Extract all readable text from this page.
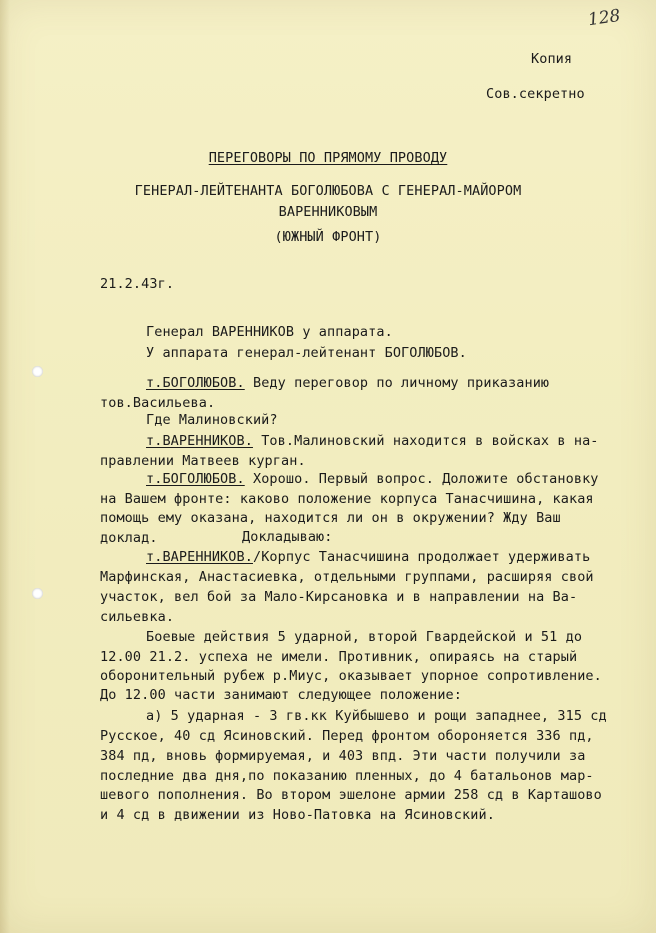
128
Копия
Сов.секретно
ПЕРЕГОВОРЫ ПО ПРЯМОМУ ПРОВОДУ
ГЕНЕРАЛ-ЛЕЙТЕНАНТА БОГОЛЮБОВА С ГЕНЕРАЛ-МАЙОРОМ
ВАРЕННИКОВЫМ
(ЮЖНЫЙ ФРОНТ)
21.2.43г.
Генерал ВАРЕННИКОВ у аппарата.
У аппарата генерал-лейтенант БОГОЛЮБОВ.
т.БОГОЛЮБОВ. Веду переговор по личному приказанию
тов.Васильева.
Где Малиновский?
т.ВАРЕННИКОВ. Тов.Малиновский находится в войсках в на-
правлении Матвеев курган.
т.БОГОЛЮБОВ. Хорошо. Первый вопрос. Доложите обстановку
на Вашем фронте: каково положение корпуса Танасчишина, какая
помощь ему оказана, находится ли он в окружении? Жду Ваш
доклад.	Докладываю:
т.ВАРЕННИКОВ./Корпус Танасчишина продолжает удерживать
Марфинская, Анастасиевка, отдельными группами, расширяя свой
участок, вел бой за Мало-Кирсановка и в направлении на Ва-
сильевка.
Боевые действия 5 ударной, второй Гвардейской и 51 до
12.00 21.2. успеха не имели. Противник, опираясь на старый
оборонительный рубеж р.Миус, оказывает упорное сопротивление.
До 12.00 части занимают следующее положение:
а) 5 ударная - 3 гв.кк Куйбышево и рощи западнее, 315 сд
Русское, 40 сд Ясиновский. Перед фронтом обороняется 336 пд,
384 пд, вновь формируемая, и 403 впд. Эти части получили за
последние два дня,по показанию пленных, до 4 батальонов мар-
шевого пополнения. Во втором эшелоне армии 258 сд в Карташово
и 4 сд в движении из Ново-Патовка на Ясиновский.
